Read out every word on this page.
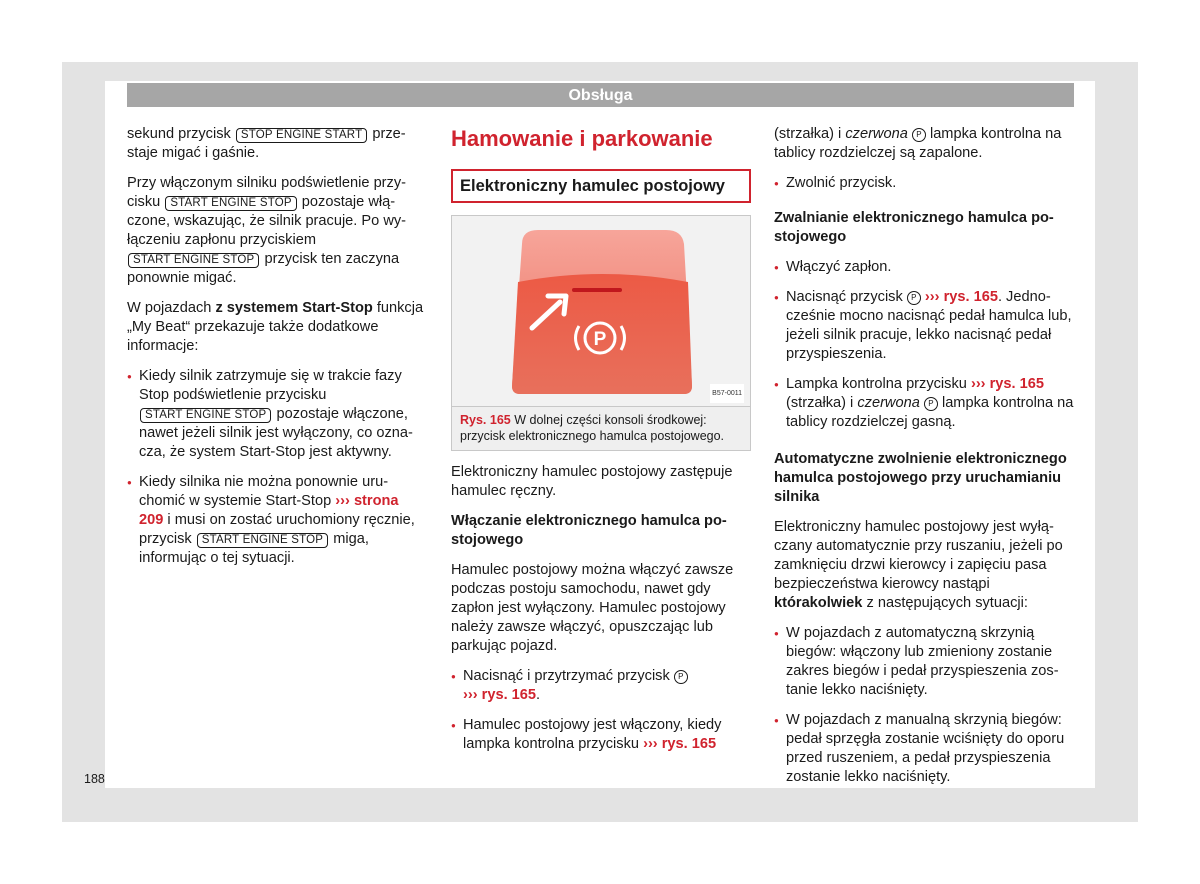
Obsługa

sekund przycisk STOP ENGINE START przestaje migać i gaśnie.

Przy włączonym silniku podświetlenie przycisku START ENGINE STOP pozostaje włączone, wskazując, że silnik pracuje. Po wyłączeniu zapłonu przyciskiem START ENGINE STOP przycisk ten zaczyna ponownie migać.

W pojazdach z systemem Start-Stop funkcja „My Beat“ przekazuje także dodatkowe informacje:

● Kiedy silnik zatrzymuje się w trakcie fazy Stop podświetlenie przycisku START ENGINE STOP pozostaje włączone, nawet jeżeli silnik jest wyłączony, co oznacza, że system Start-Stop jest aktywny.

● Kiedy silnika nie można ponownie uruchomić w systemie Start-Stop ››› strona 209 i musi on zostać uruchomiony ręcznie, przycisk START ENGINE STOP miga, informując o tej sytuacji.

Hamowanie i parkowanie
Elektroniczny hamulec postojowy
P
B57-0011
Rys. 165 W dolnej części konsoli środkowej: przycisk elektronicznego hamulca postojowego.

Elektroniczny hamulec postojowy zastępuje hamulec ręczny.

Włączanie elektronicznego hamulca postojowego

Hamulec postojowy można włączyć zawsze podczas postoju samochodu, nawet gdy zapłon jest wyłączony. Hamulec postojowy należy zawsze włączyć, opuszczając lub parkując pojazd.

● Nacisnąć i przytrzymać przycisk P
››› rys. 165.

● Hamulec postojowy jest włączony, kiedy lampka kontrolna przycisku ››› rys. 165

(strzałka) i czerwona P lampka kontrolna na tablicy rozdzielczej są zapalone.

● Zwolnić przycisk.

Zwalnianie elektronicznego hamulca postojowego

● Włączyć zapłon.

● Nacisnąć przycisk P ››› rys. 165. Jednocześnie mocno nacisnąć pedał hamulca lub, jeżeli silnik pracuje, lekko nacisnąć pedał przyspieszenia.

● Lampka kontrolna przycisku ››› rys. 165 (strzałka) i czerwona P lampka kontrolna na tablicy rozdzielczej gasną.

Automatyczne zwolnienie elektronicznego hamulca postojowego przy uruchamianiu silnika

Elektroniczny hamulec postojowy jest wyłączany automatycznie przy ruszaniu, jeżeli po zamknięciu drzwi kierowcy i zapięciu pasa bezpieczeństwa kierowcy nastąpi którakolwiek z następujących sytuacji:

● W pojazdach z automatyczną skrzynią biegów: włączony lub zmieniony zostanie zakres biegów i pedał przyspieszenia zostanie lekko naciśnięty.

● W pojazdach z manualną skrzynią biegów: pedał sprzęgła zostanie wciśnięty do oporu przed ruszeniem, a pedał przyspieszenia zostanie lekko naciśnięty.

188
